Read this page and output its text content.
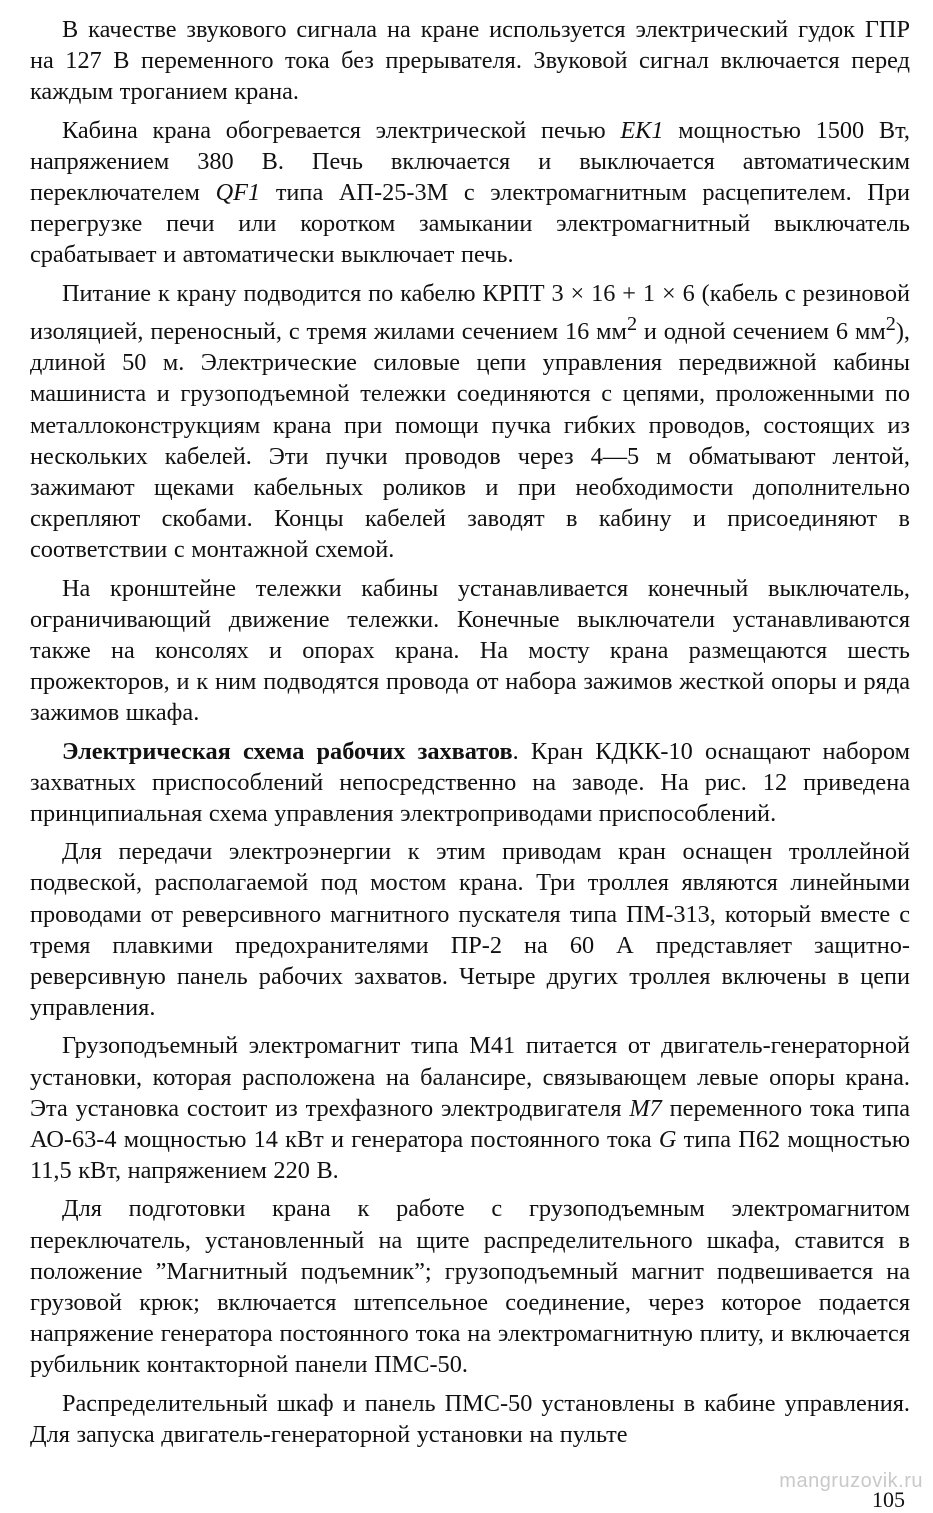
В качестве звукового сигнала на кране используется электрический гудок ГПР на 127 В переменного тока без прерывателя. Звуковой сигнал включается перед каждым троганием крана.

Кабина крана обогревается электрической печью EK1 мощностью 1500 Вт, напряжением 380 В. Печь включается и выключается автоматическим переключателем QF1 типа АП-25-3М с электромагнитным расцепителем. При перегрузке печи или коротком замыкании электромагнитный выключатель срабатывает и автоматически выключает печь.

Питание к крану подводится по кабелю КРПТ 3 × 16 + 1 × 6 (кабель с резиновой изоляцией, переносный, с тремя жилами сечением 16 $мм^2$ и одной сечением 6 $мм^2$), длиной 50 м. Электрические силовые цепи управления передвижной кабины машиниста и грузоподъемной тележки соединяются с цепями, проложенными по металлоконструкциям крана при помощи пучка гибких проводов, состоящих из нескольких кабелей. Эти пучки проводов через 4—5 м обматывают лентой, зажимают щеками кабельных роликов и при необходимости дополнительно скрепляют скобами. Концы кабелей заводят в кабину и присоединяют в соответствии с монтажной схемой.

На кронштейне тележки кабины устанавливается конечный выключатель, ограничивающий движение тележки. Конечные выключатели устанавливаются также на консолях и опорах крана. На мосту крана размещаются шесть прожекторов, и к ним подводятся провода от набора зажимов жесткой опоры и ряда зажимов шкафа.

Электрическая схема рабочих захватов. Кран КДКК-10 оснащают набором захватных приспособлений непосредственно на заводе. На рис. 12 приведена принципиальная схема управления электроприводами приспособлений.

Для передачи электроэнергии к этим приводам кран оснащен троллейной подвеской, располагаемой под мостом крана. Три троллея являются линейными проводами от реверсивного магнитного пускателя типа ПМ-313, который вместе с тремя плавкими предохранителями ПР-2 на 60 А представляет защитно-реверсивную панель рабочих захватов. Четыре других троллея включены в цепи управления.

Грузоподъемный электромагнит типа М41 питается от двигатель-генераторной установки, которая расположена на балансире, связывающем левые опоры крана. Эта установка состоит из трехфазного электродвигателя M7 переменного тока типа АО-63-4 мощностью 14 кВт и генератора постоянного тока G типа П62 мощностью 11,5 кВт, напряжением 220 В.

Для подготовки крана к работе с грузоподъемным электромагнитом переключатель, установленный на щите распределительного шкафа, ставится в положение ”Магнитный подъемник”; грузоподъемный магнит подвешивается на грузовой крюк; включается штепсельное соединение, через которое подается напряжение генератора постоянного тока на электромагнитную плиту, и включается рубильник контакторной панели ПМС-50.

Распределительный шкаф и панель ПМС-50 установлены в кабине управления. Для запуска двигатель-генераторной установки на пульте

mangruzovik.ru
105
